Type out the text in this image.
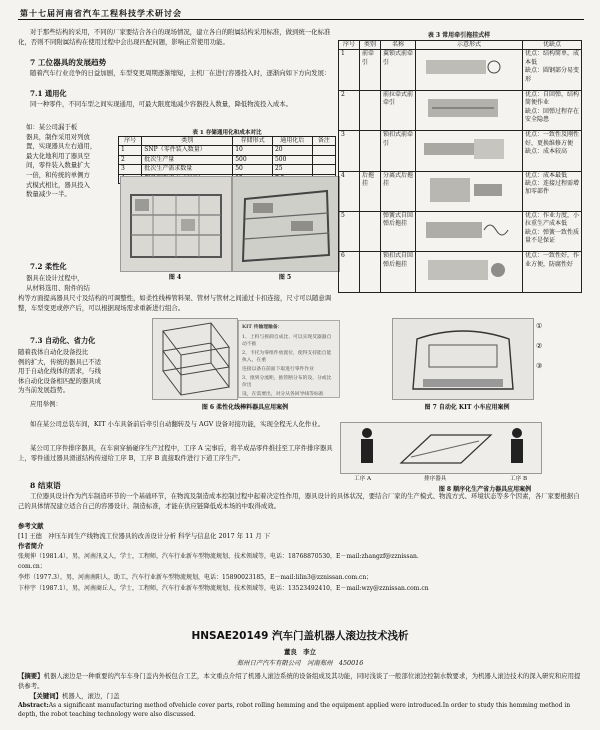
第十七届河南省汽车工程科技学术研讨会
对于那些结构的采用，不同的厂家要结合各自的现场情况，建立各自的附属结构采用标准，做到统一化标准化，否则不同附属结构在使用过程中会出现匹配问题，影响正常使用功能。
7 工位器具的发展趋势
随着汽车行业竞争的日益加剧，车型变更周期逐渐缩短，主机厂在进行容器投入时，逐渐向如下方向发展：
7.1 通用化
同一种零件，不同车型之间实现通用，可最大限度地减少容器投入数量，降低物流投入成本。
如：某公司漏于板
器具，制作采用对列放
置，实现器具左右通用，
最大化地利用了器具空
间，零件装入数量扩大
一倍，和传统的单侧方
式模式相比，器具投入
数量减少一半。
表 1 存储通用化和成本对比
序号	类别	存储形式	通用化后	备注
1	SNP（零件装入数量）	10	20	
2	批次生产量	500	500	
3	批次生产需求数量	50	25	

图 4	图 5
7.2 柔性化
器具在设计过程中，
从材料选用、附件的结
构等方面提高器具尺寸及结构的可调整性，如柔性线棒管料架、管材与管材之间通过卡扣连接，尺寸可以随意调整，车型变更或停产后，可以根据现场需求重新进行组合。
7.3 自动化、省力化
随着我体自动化设备投比
例的扩大，传统的器具已不适
用于自动化线体的需求，与线
体自动化设备相匹配的器具成
为当前发展趋势。
KIT 传输理输备：
1、上料与拆卸自成比、可以实现反器器自动不推
2、卡托为零组件放置位，使得支持能自能执入，在重
连接以备在前面下取进行零件作业
3、推到分流距，推管断分布的设，分或比价出
设，在需要出，对分从各回导线等标准
图 6 柔性化线棒料器具应用案例
应用举例：
如在某公司总装车间，KIT 小车具备前后牵引自动翻转及与 AGV 设备对接功能，实现全程无人化作业。
某公司工序件排序器具，在车窗穿插碰序生产过程中，工序 A 完事后，将半成品零件推挂至工序件排序器具上，零件通过器具滑道结构传递给工序 B，工序 B 直接取件进行下道工序生产。
表 3 常用牵引拖挂式样
序号	类别	名称	示意形式	优缺点
1	前牵引	翼锁式前牵引		优点：结构简单，成本低
缺点：圆钢部分易变形
2		前拉牵式前牵引		优点：自回弹，结构简便作业
缺点：回弹过程存在安全隐患
3		锁扣式前牵引		优点：一致性及刚性好，更换维修方便
缺点：成本较高
4	后拖挂	分离式后拖挂		优点：成本最低
缺点：连接过程需增加零部件
5		弹簧式自回弹后拖挂		优点：作业力度，小拉重生产成本低
缺点：弹簧一致性质量不是保证
6		锁扣式自回弹后拖挂		优点：一致性好，作业方便，防腐性好
①
②
③
图 7 自动化 KIT 小车应用案例
工序 A	排序器具	工序 B
图 8 顺序化生产省力器具应用案例
8 结束语
工位器具设计作为汽车制造环节的一个基础环节，在物流及制造成本控制过程中起着决定性作用，器具设计的具体状况，要结合厂家的生产模式、物流方式、环境状态等多个因素，各厂家要根据自己的具体情况建立适合自己的容器设计、制造标准，才能在供应链降低成本场的中取得成效。
参考文献
[1] 王德　冲压车间生产线物流工位器具的改善设计分析 科学与信息化 2017 年 11 月 下
作者简介
张规伸（1981.4），男，河南汛义人，学士，工程师，汽车行业新车型物流规划、技术领域等，电话：18768870530，E－mail:zhangzf@zznissan.
com.cn；
李炜（1977.3），男，河南南阳人，助工，汽车行业新车型物流规划，电话：15890023185，E－mail:lilin3@zznissan.com.cn；
卞梓宇（1987.1），男，河南商丘人，学士，工程师，汽车行业新车型物流规划、技术领域等，电话：13523492410，E－mail:wzy@zznissan.com.cn
HNSAE20149 汽车门盖机器人滚边技术浅析
董良　李立
郑州日产汽车有限公司　河南郑州　450016
【摘要】机器人滚边是一种重要的汽车车身门盖内外板包合工艺，本文重点介绍了机器人滚边系统的设备组成及其功能，同时浅谈了一般部位滚边控制水数要求，为机器人滚边技术的深入研究和应用提供参考。
【关键词】机器人，滚边，门盖
Abstract:As a significant manufacturing method ofvehicle cover parts, robot rolling hemming and the equipment applied were introduced.In order to study this hemming method in depth, the robot teaching technology were also discussed.
